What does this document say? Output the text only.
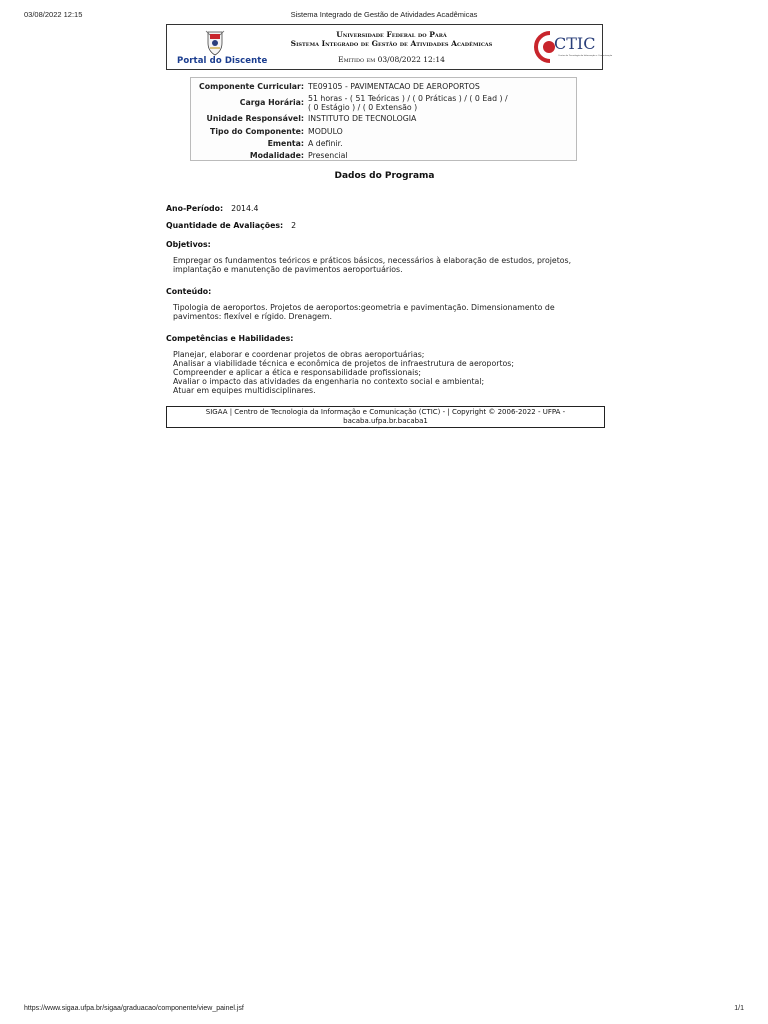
03/08/2022 12:15	Sistema Integrado de Gestão de Atividades Acadêmicas
Portal do Discente
Universidade Federal do Pará
Sistema Integrado de Gestão de Atividades Acadêmicas
Emitido em 03/08/2022 12:14
CTIC
Centro de Tecnologia da Informação e Comunicação
Componente Curricular: TE09105 - PAVIMENTACAO DE AEROPORTOS
Carga Horária: 51 horas - ( 51 Teóricas ) / ( 0 Práticas ) / ( 0 Ead ) /
( 0 Estágio ) / ( 0 Extensão )
Unidade Responsável: INSTITUTO DE TECNOLOGIA
Tipo do Componente: MODULO
Ementa: A definir.
Modalidade: Presencial
Dados do Programa
Ano-Período: 2014.4
Quantidade de Avaliações: 2
Objetivos:
Empregar os fundamentos teóricos e práticos básicos, necessários à elaboração de estudos, projetos,
implantação e manutenção de pavimentos aeroportuários.
Conteúdo:
Tipologia de aeroportos. Projetos de aeroportos:geometria e pavimentação. Dimensionamento de
pavimentos: flexível e rígido. Drenagem.
Competências e Habilidades:
Planejar, elaborar e coordenar projetos de obras aeroportuárias;
Analisar a viabilidade técnica e econômica de projetos de infraestrutura de aeroportos;
Compreender e aplicar a ética e responsabilidade profissionais;
Avaliar o impacto das atividades da engenharia no contexto social e ambiental;
Atuar em equipes multidisciplinares.
SIGAA | Centro de Tecnologia da Informação e Comunicação (CTIC) - | Copyright © 2006-2022 - UFPA -
bacaba.ufpa.br.bacaba1
https://www.sigaa.ufpa.br/sigaa/graduacao/componente/view_painel.jsf	1/1
